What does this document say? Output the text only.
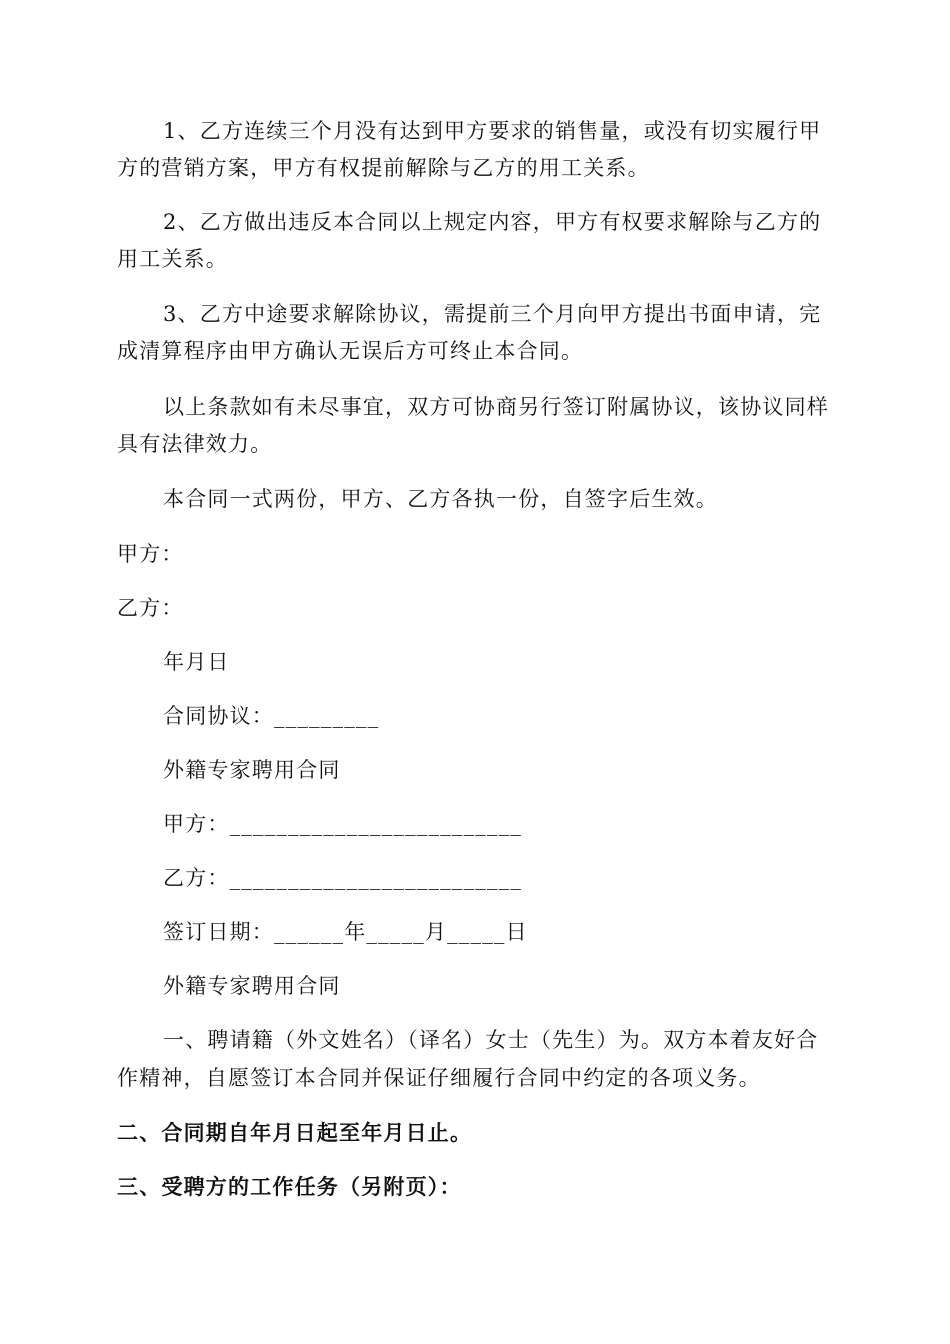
1、乙方连续三个月没有达到甲方要求的销售量，或没有切实履行甲
方的营销方案，甲方有权提前解除与乙方的用工关系。
2、乙方做出违反本合同以上规定内容，甲方有权要求解除与乙方的
用工关系。
3、乙方中途要求解除协议，需提前三个月向甲方提出书面申请，完
成清算程序由甲方确认无误后方可终止本合同。
以上条款如有未尽事宜，双方可协商另行签订附属协议，该协议同样
具有法律效力。
本合同一式两份，甲方、乙方各执一份，自签字后生效。
甲方：
乙方：
年月日
合同协议：_________
外籍专家聘用合同
甲方：_________________________
乙方：_________________________
签订日期：______年_____月_____日
外籍专家聘用合同
一、聘请籍（外文姓名）（译名）女士（先生）为。双方本着友好合
作精神，自愿签订本合同并保证仔细履行合同中约定的各项义务。
二、合同期自年月日起至年月日止。
三、受聘方的工作任务（另附页）：
